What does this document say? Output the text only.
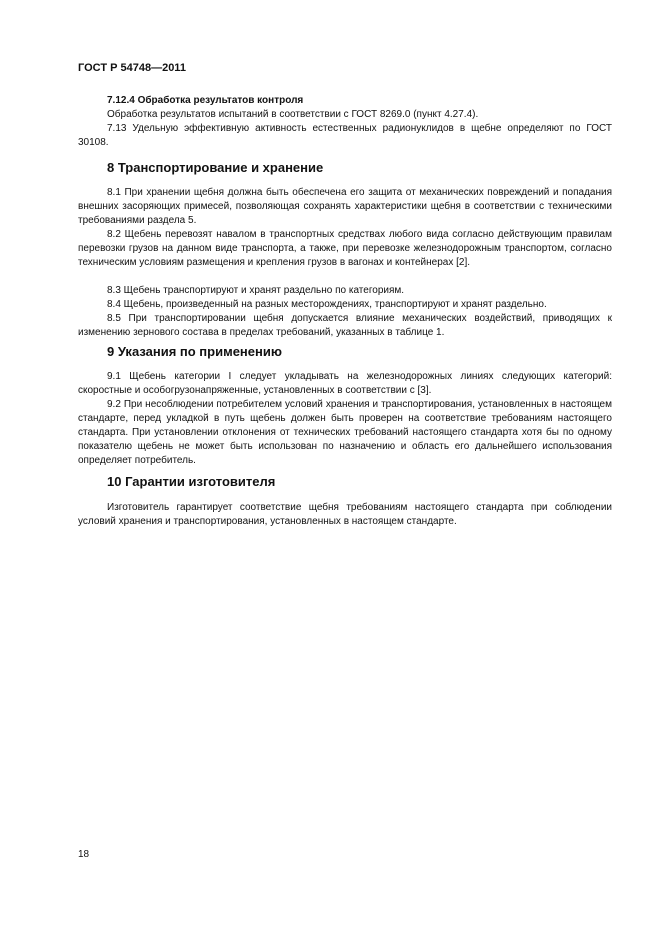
ГОСТ Р 54748—2011

7.12.4 Обработка результатов контроля

Обработка результатов испытаний в соответствии с ГОСТ 8269.0 (пункт 4.27.4).

7.13 Удельную эффективную активность естественных радионуклидов в щебне определяют по ГОСТ 30108.

8 Транспортирование и хранение

8.1 При хранении щебня должна быть обеспечена его защита от механических повреждений и попадания внешних засоряющих примесей, позволяющая сохранять характеристики щебня в соответствии с техническими требованиями раздела 5.

8.2 Щебень перевозят навалом в транспортных средствах любого вида согласно действующим правилам перевозки грузов на данном виде транспорта, а также, при перевозке железнодорожным транспортом, согласно техническим условиям размещения и крепления грузов в вагонах и контейнерах [2].

8.3 Щебень транспортируют и хранят раздельно по категориям.

8.4 Щебень, произведенный на разных месторождениях, транспортируют и хранят раздельно.

8.5 При транспортировании щебня допускается влияние механических воздействий, приводящих к изменению зернового состава в пределах требований, указанных в таблице 1.

9 Указания по применению

9.1 Щебень категории I следует укладывать на железнодорожных линиях следующих категорий: скоростные и особогрузонапряженные, установленных в соответствии с [3].

9.2 При несоблюдении потребителем условий хранения и транспортирования, установленных в настоящем стандарте, перед укладкой в путь щебень должен быть проверен на соответствие требованиям настоящего стандарта. При установлении отклонения от технических требований настоящего стандарта хотя бы по одному показателю щебень не может быть использован по назначению и область его дальнейшего использования определяет потребитель.

10 Гарантии изготовителя

Изготовитель гарантирует соответствие щебня требованиям настоящего стандарта при соблюдении условий хранения и транспортирования, установленных в настоящем стандарте.

18
